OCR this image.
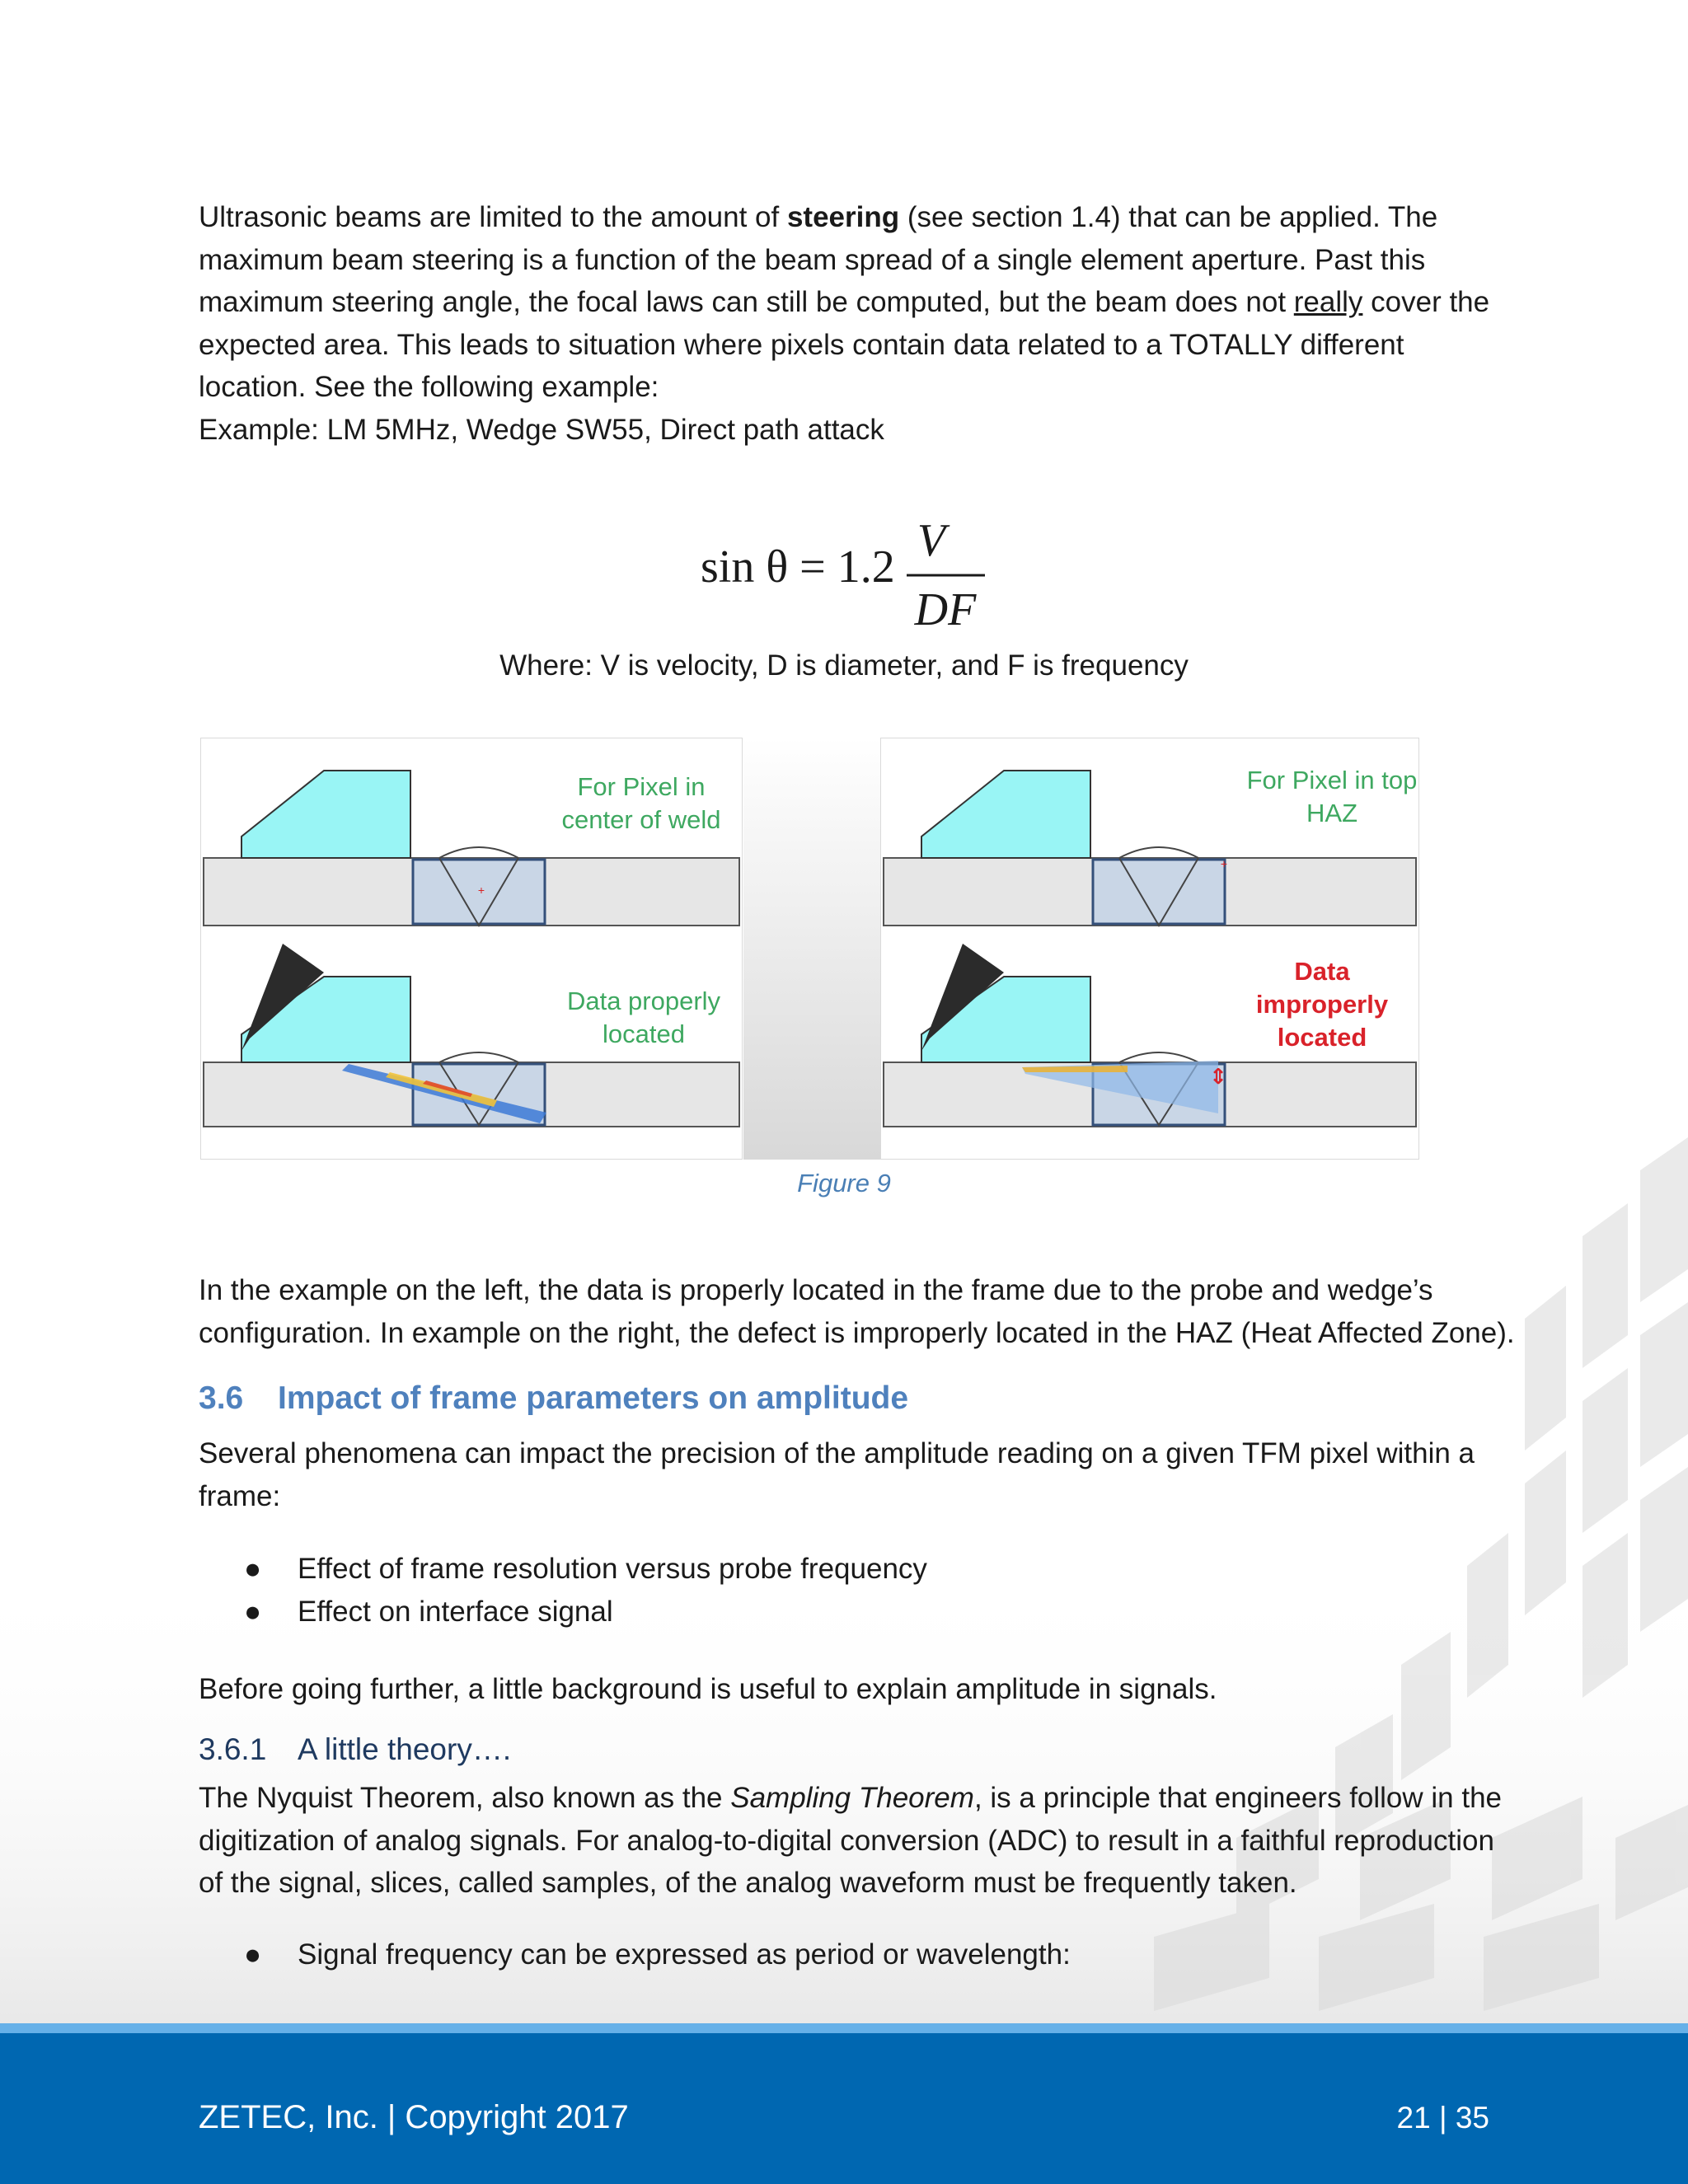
Ultrasonic beams are limited to the amount of steering (see section 1.4) that can be applied. The maximum beam steering is a function of the beam spread of a single element aperture. Past this maximum steering angle, the focal laws can still be computed, but the beam does not really cover the expected area. This leads to situation where pixels contain data related to a TOTALLY different location. See the following example:

Example: LM 5MHz, Wedge SW55, Direct path attack

sin θ = 1.2
V
DF
Where: V is velocity, D is diameter, and F is frequency
+
For Pixel in center of weld
Data properly located
+
For Pixel in top HAZ
⇕
Data improperly located
Figure 9

In the example on the left, the data is properly located in the frame due to the probe and wedge’s configuration. In example on the right, the defect is improperly located in the HAZ (Heat Affected Zone).

3.6 Impact of frame parameters on amplitude

Several phenomena can impact the precision of the amplitude reading on a given TFM pixel within a frame:

● Effect of frame resolution versus probe frequency
● Effect on interface signal

Before going further, a little background is useful to explain amplitude in signals.

3.6.1 A little theory….

The Nyquist Theorem, also known as the Sampling Theorem, is a principle that engineers follow in the digitization of analog signals. For analog-to-digital conversion (ADC) to result in a faithful reproduction of the signal, slices, called samples, of the analog waveform must be frequently taken.

● Signal frequency can be expressed as period or wavelength:
ZETEC, Inc. | Copyright 2017	21 | 35
